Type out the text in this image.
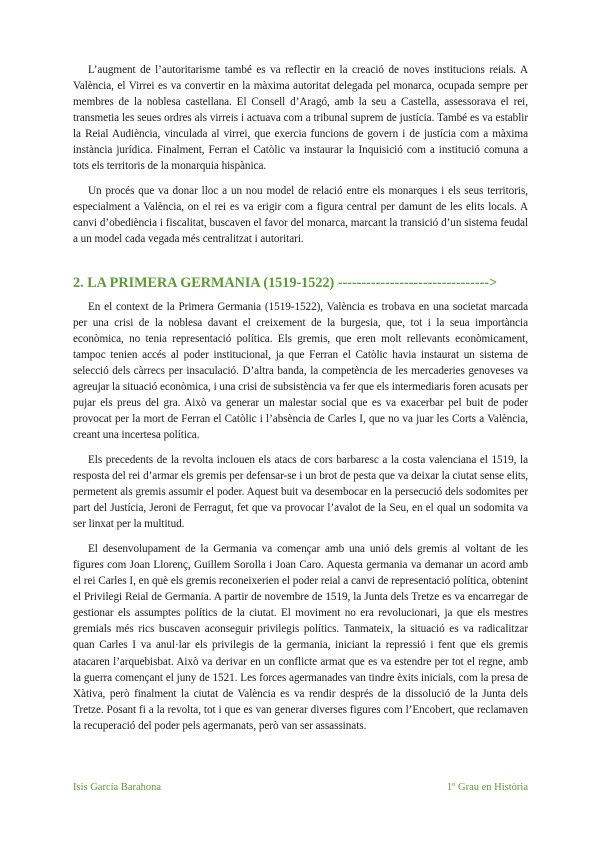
L’augment de l’autoritarisme també es va reflectir en la creació de noves institucions reials. A València, el Virrei es va convertir en la màxima autoritat delegada pel monarca, ocupada sempre per membres de la noblesa castellana. El Consell d’Aragó, amb la seu a Castella, assessorava el rei, transmetia les seues ordres als virreis i actuava com a tribunal suprem de justícia. També es va establir la Reial Audiència, vinculada al virrei, que exercia funcions de govern i de justícia com a màxima instància jurídica. Finalment, Ferran el Catòlic va instaurar la Inquisició com a institució comuna a tots els territoris de la monarquia hispànica.

Un procés que va donar lloc a un nou model de relació entre els monarques i els seus territoris, especialment a València, on el rei es va erigir com a figura central per damunt de les elits locals. A canvi d’obediència i fiscalitat, buscaven el favor del monarca, marcant la transició d’un sistema feudal a un model cada vegada més centralitzat i autoritari.

2. LA PRIMERA GERMANIA (1519-1522) -------------------------------->

En el context de la Primera Germania (1519-1522), València es trobava en una societat marcada per una crisi de la noblesa davant el creixement de la burgesia, que, tot i la seua importància econòmica, no tenia representació política. Els gremis, que eren molt rellevants econòmicament, tampoc tenien accés al poder institucional, ja que Ferran el Catòlic havia instaurat un sistema de selecció dels càrrecs per insaculació. D’altra banda, la competència de les mercaderies genoveses va agreujar la situació econòmica, i una crisi de subsistència va fer que els intermediaris foren acusats per pujar els preus del gra. Això va generar un malestar social que es va exacerbar pel buit de poder provocat per la mort de Ferran el Catòlic i l’absència de Carles I, que no va juar les Corts a València, creant una incertesa política.

Els precedents de la revolta inclouen els atacs de cors barbaresc a la costa valenciana el 1519, la resposta del rei d’armar els gremis per defensar-se i un brot de pesta que va deixar la ciutat sense elits, permetent als gremis assumir el poder. Aquest buit va desembocar en la persecució dels sodomites per part del Justícia, Jeroni de Ferragut, fet que va provocar l’avalot de la Seu, en el qual un sodomita va ser linxat per la multitud.

El desenvolupament de la Germania va començar amb una unió dels gremis al voltant de les figures com Joan Llorenç, Guillem Sorolla i Joan Caro. Aquesta germania va demanar un acord amb el rei Carles I, en què els gremis reconeixerien el poder reial a canvi de representació política, obtenint el Privilegi Reial de Germania. A partir de novembre de 1519, la Junta dels Tretze es va encarregar de gestionar els assumptes polítics de la ciutat. El moviment no era revolucionari, ja que els mestres gremials més rics buscaven aconseguir privilegis polítics. Tanmateix, la situació es va radicalitzar quan Carles I va anul·lar els privilegis de la germania, iniciant la repressió i fent que els gremis atacaren l’arquebisbat. Això va derivar en un conflicte armat que es va estendre per tot el regne, amb la guerra començant el juny de 1521. Les forces agermanades van tindre èxits inicials, com la presa de Xàtiva, però finalment la ciutat de València es va rendir després de la dissolució de la Junta dels Tretze. Posant fi a la revolta, tot i que es van generar diverses figures com l’Encobert, que reclamaven la recuperació del poder pels agermanats, però van ser assassinats.

Isis García Barahona	1º Grau en Història
